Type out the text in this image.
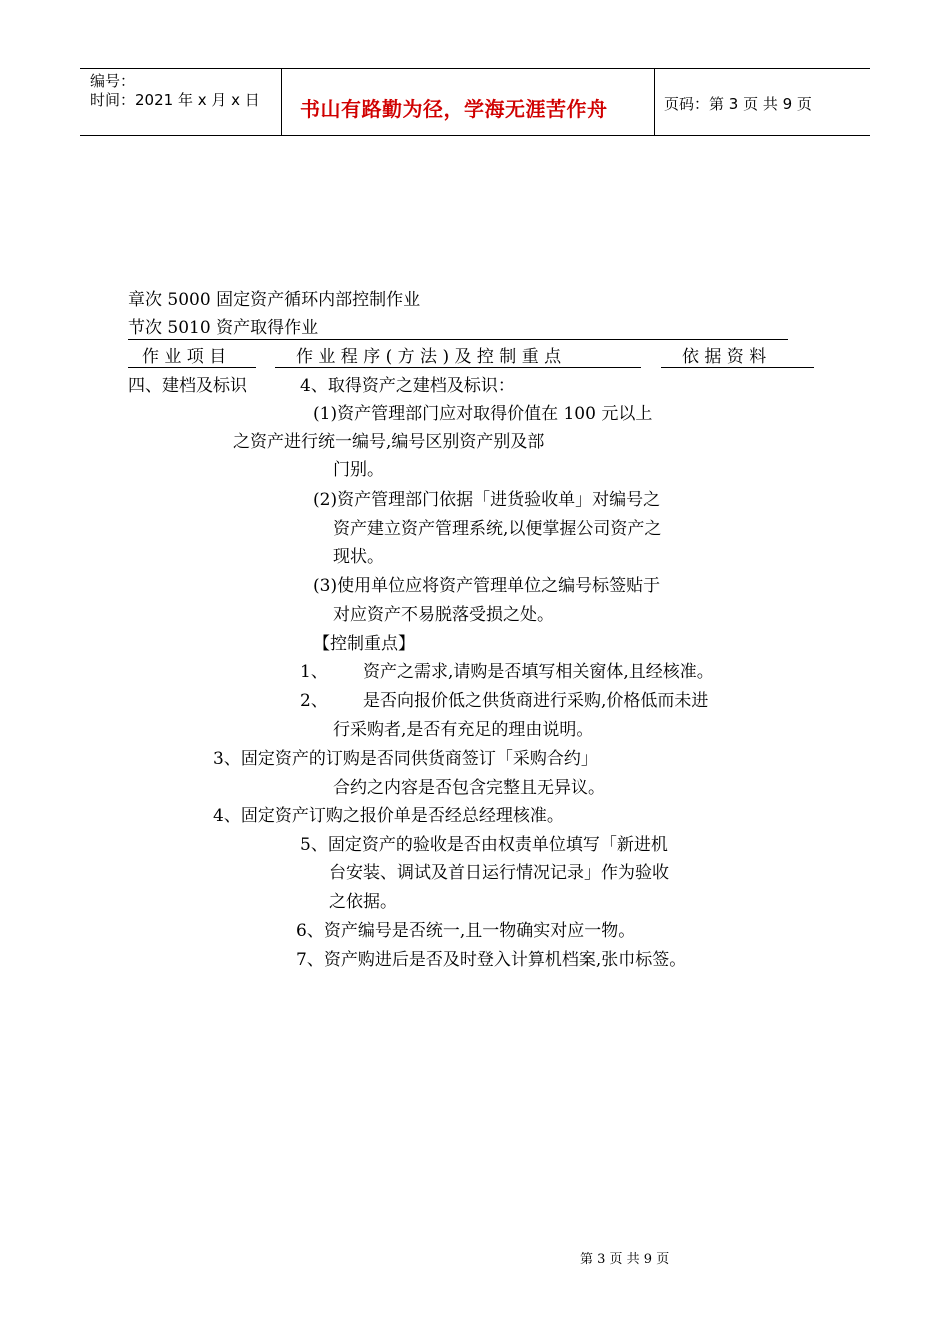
编号：
时间：2021 年 x 月 x 日 书山有路勤为径，学海无涯苦作舟	页码：第 3 页 共 9 页
章次 5000 固定资产循环内部控制作业
节次 5010 资产取得作业
作 业 项 目	作 业 程 序 ( 方 法 ) 及 控 制 重 点	依 据 资 料
四、建档及标识	4、取得资产之建档及标识：
(1)资产管理部门应对取得价值在 100 元以上
之资产进行统一编号,编号区别资产别及部
门别。
(2)资产管理部门依据「进货验收单」对编号之
资产建立资产管理系统,以便掌握公司资产之
现状。
(3)使用单位应将资产管理单位之编号标签贴于
对应资产不易脱落受损之处。
【控制重点】
1、 资产之需求,请购是否填写相关窗体,且经核准。
2、 是否向报价低之供货商进行采购,价格低而未进
行采购者,是否有充足的理由说明。
3、固定资产的订购是否同供货商签订「采购合约」
合约之内容是否包含完整且无异议。
4、固定资产订购之报价单是否经总经理核准。
5、固定资产的验收是否由权责单位填写「新进机
台安装、调试及首日运行情况记录」作为验收
之依据。
6、资产编号是否统一,且一物确实对应一物。
7、资产购进后是否及时登入计算机档案,张巾标签。
第 3 页 共 9 页
